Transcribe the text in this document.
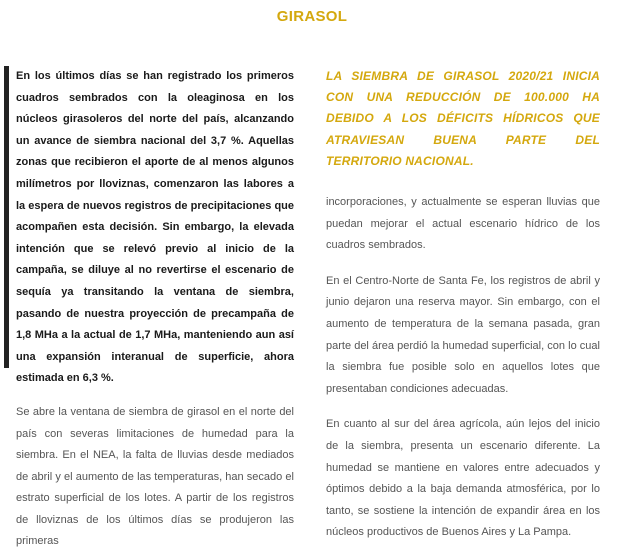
GIRASOL

En los últimos días se han registrado los primeros cuadros sembrados con la oleaginosa en los núcleos girasoleros del norte del país, alcanzando un avance de siembra nacional del 3,7 %. Aquellas zonas que recibieron el aporte de al menos algunos milímetros por lloviznas, comenzaron las labores a la espera de nuevos registros de precipitaciones que acompañen esta decisión. Sin embargo, la elevada intención que se relevó previo al inicio de la campaña, se diluye al no revertirse el escenario de sequía ya transitando la ventana de siembra, pasando de nuestra proyección de precampaña de 1,8 MHa a la actual de 1,7 MHa, manteniendo aun así una expansión interanual de superficie, ahora estimada en 6,3 %.

Se abre la ventana de siembra de girasol en el norte del país con severas limitaciones de humedad para la siembra. En el NEA, la falta de lluvias desde mediados de abril y el aumento de las temperaturas, han secado el estrato superficial de los lotes. A partir de los registros de lloviznas de los últimos días se produjeron las primeras

LA SIEMBRA DE GIRASOL 2020/21 INICIA CON UNA REDUCCIÓN DE 100.000 HA DEBIDO A LOS DÉFICITS HÍDRICOS QUE ATRAVIESAN BUENA PARTE DEL TERRITORIO NACIONAL.

incorporaciones, y actualmente se esperan lluvias que puedan mejorar el actual escenario hídrico de los cuadros sembrados.

En el Centro-Norte de Santa Fe, los registros de abril y junio dejaron una reserva mayor. Sin embargo, con el aumento de temperatura de la semana pasada, gran parte del área perdió la humedad superficial, con lo cual la siembra fue posible solo en aquellos lotes que presentaban condiciones adecuadas.

En cuanto al sur del área agrícola, aún lejos del inicio de la siembra, presenta un escenario diferente. La humedad se mantiene en valores entre adecuados y óptimos debido a la baja demanda atmosférica, por lo tanto, se sostiene la intención de expandir área en los núcleos productivos de Buenos Aires y La Pampa.
